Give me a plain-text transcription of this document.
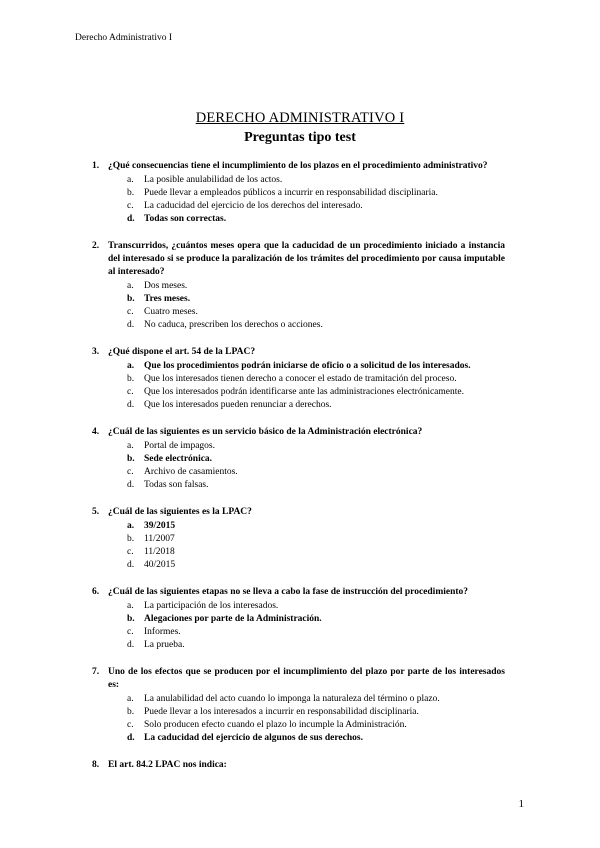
Derecho Administrativo I
DERECHO ADMINISTRATIVO I
Preguntas tipo test
1. ¿Qué consecuencias tiene el incumplimiento de los plazos en el procedimiento administrativo?
a.	La posible anulabilidad de los actos.
b.	Puede llevar a empleados públicos a incurrir en responsabilidad disciplinaria.
c.	La caducidad del ejercicio de los derechos del interesado.
d. Todas son correctas.
2. Transcurridos, ¿cuántos meses opera que la caducidad de un procedimiento iniciado a instancia del interesado si se produce la paralización de los trámites del procedimiento por causa imputable al interesado?
a.	Dos meses.
b. Tres meses.
c.	Cuatro meses.
d.	No caduca, prescriben los derechos o acciones.
3. ¿Qué dispone el art. 54 de la LPAC?
a.	Que los procedimientos podrán iniciarse de oficio o a solicitud de los interesados.
b.	Que los interesados tienen derecho a conocer el estado de tramitación del proceso.
c.	Que los interesados podrán identificarse ante las administraciones electrónicamente.
d.	Que los interesados pueden renunciar a derechos.
4. ¿Cuál de las siguientes es un servicio básico de la Administración electrónica?
a.	Portal de impagos.
b. Sede electrónica.
c.	Archivo de casamientos.
d.	Todas son falsas.
5. ¿Cuál de las siguientes es la LPAC?
a.	39/2015
b.	11/2007
c.	11/2018
d.	40/2015
6. ¿Cuál de las siguientes etapas no se lleva a cabo la fase de instrucción del procedimiento?
a.	La participación de los interesados.
b. Alegaciones por parte de la Administración.
c.	Informes.
d.	La prueba.
7. Uno de los efectos que se producen por el incumplimiento del plazo por parte de los interesados es:
a.	La anulabilidad del acto cuando lo imponga la naturaleza del término o plazo.
b.	Puede llevar a los interesados a incurrir en responsabilidad disciplinaria.
c.	Solo producen efecto cuando el plazo lo incumple la Administración.
d. La caducidad del ejercicio de algunos de sus derechos.
8. El art. 84.2 LPAC nos indica:
1
